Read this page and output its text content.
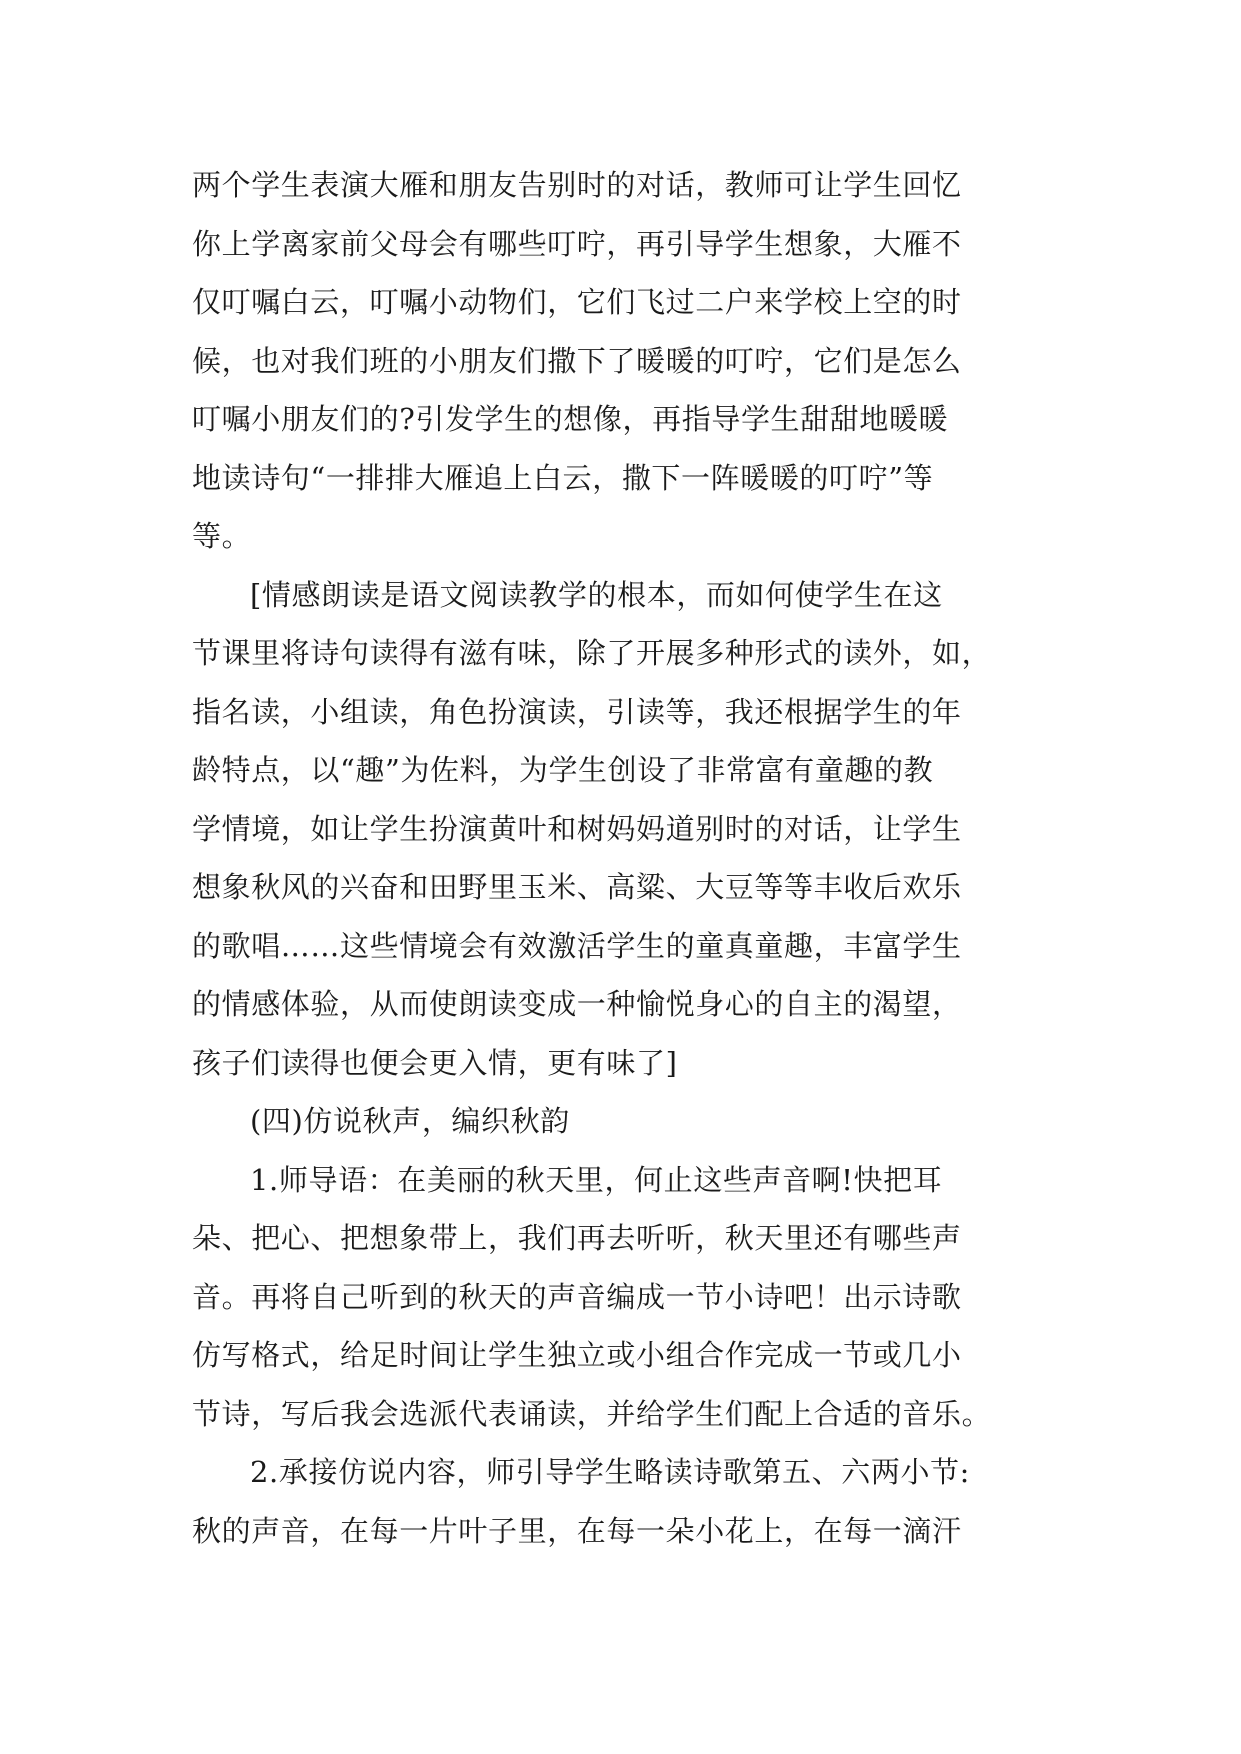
两个学生表演大雁和朋友告别时的对话，教师可让学生回忆
你上学离家前父母会有哪些叮咛，再引导学生想象，大雁不
仅叮嘱白云，叮嘱小动物们，它们飞过二户来学校上空的时
候，也对我们班的小朋友们撒下了暖暖的叮咛，它们是怎么
叮嘱小朋友们的?引发学生的想像，再指导学生甜甜地暖暖
地读诗句“一排排大雁追上白云，撒下一阵暖暖的叮咛”等
等。
[情感朗读是语文阅读教学的根本，而如何使学生在这
节课里将诗句读得有滋有味，除了开展多种形式的读外，如，
指名读，小组读，角色扮演读，引读等，我还根据学生的年
龄特点，以“趣”为佐料，为学生创设了非常富有童趣的教
学情境，如让学生扮演黄叶和树妈妈道别时的对话，让学生
想象秋风的兴奋和田野里玉米、高粱、大豆等等丰收后欢乐
的歌唱……这些情境会有效激活学生的童真童趣，丰富学生
的情感体验，从而使朗读变成一种愉悦身心的自主的渴望，
孩子们读得也便会更入情，更有味了]
(四)仿说秋声，编织秋韵
1.师导语：在美丽的秋天里，何止这些声音啊!快把耳
朵、把心、把想象带上，我们再去听听，秋天里还有哪些声
音。再将自己听到的秋天的声音编成一节小诗吧！出示诗歌
仿写格式，给足时间让学生独立或小组合作完成一节或几小
节诗，写后我会选派代表诵读，并给学生们配上合适的音乐。
2.承接仿说内容，师引导学生略读诗歌第五、六两小节:
秋的声音，在每一片叶子里，在每一朵小花上，在每一滴汗
